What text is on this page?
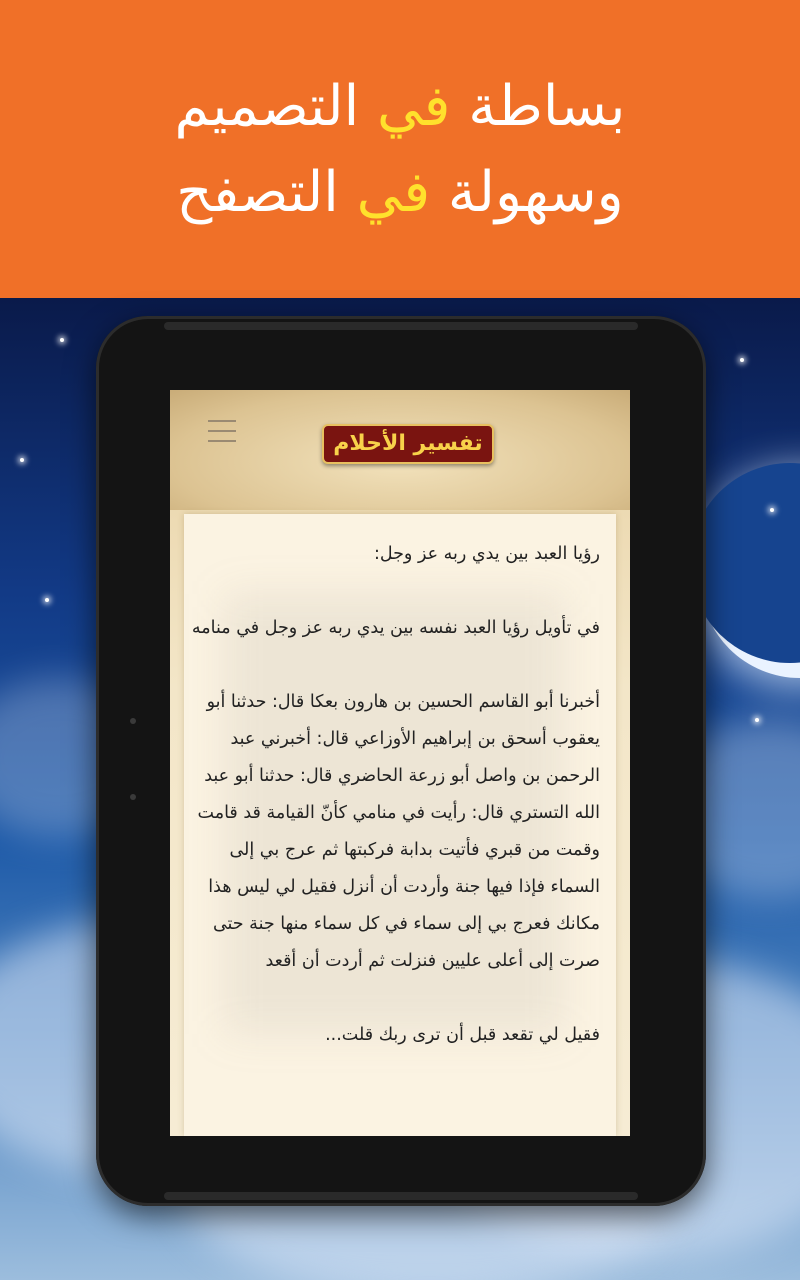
بساطة في التصميم
وسهولة في التصفح
تفسير الأحلام

رؤيا العبد بين يدي ربه عز وجل:

في تأويل رؤيا العبد نفسه بين يدي ربه عز وجل في منامه

أخبرنا أبو القاسم الحسين بن هارون بعكا قال: حدثنا أبو يعقوب أسحق بن إبراهيم الأوزاعي قال: أخبرني عبد الرحمن بن واصل أبو زرعة الحاضري قال: حدثنا أبو عبد الله التستري قال: رأيت في منامي كأنّ القيامة قد قامت وقمت من قبري فأتيت بدابة فركبتها ثم عرج بي إلى السماء فإذا فيها جنة وأردت أن أنزل فقيل لي ليس هذا مكانك فعرج بي إلى سماء في كل سماء منها جنة حتى صرت إلى أعلى عليين فنزلت ثم أردت أن أقعد

فقيل لي تقعد قبل أن ترى ربك قلت...
